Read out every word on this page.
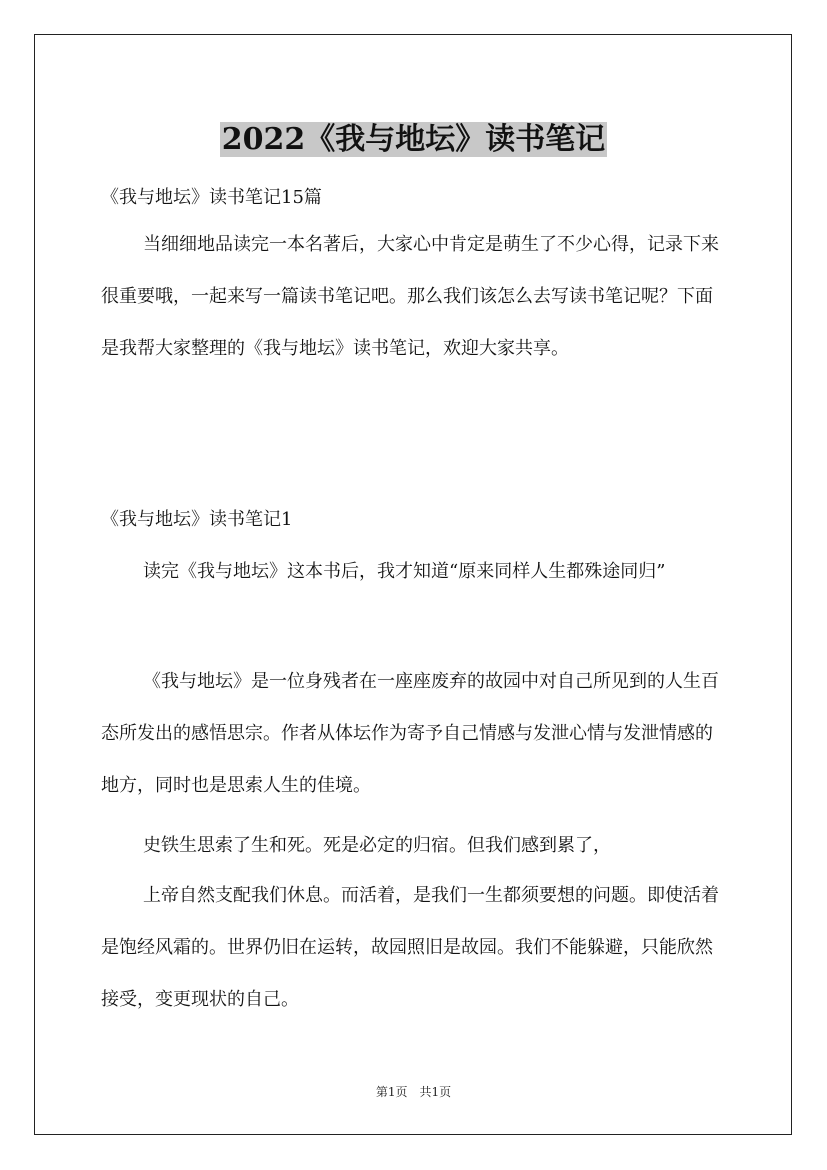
2022《我与地坛》读书笔记

《我与地坛》读书笔记15篇

当细细地品读完一本名著后，大家心中肯定是萌生了不少心得，记录下来很重要哦，一起来写一篇读书笔记吧。那么我们该怎么去写读书笔记呢？下面是我帮大家整理的《我与地坛》读书笔记，欢迎大家共享。

《我与地坛》读书笔记1

读完《我与地坛》这本书后，我才知道“原来同样人生都殊途同归”

《我与地坛》是一位身残者在一座座废弃的故园中对自己所见到的人生百态所发出的感悟思宗。作者从体坛作为寄予自己情感与发泄心情与发泄情感的地方，同时也是思索人生的佳境。

史铁生思索了生和死。死是必定的归宿。但我们感到累了，

上帝自然支配我们休息。而活着，是我们一生都须要想的问题。即使活着是饱经风霜的。世界仍旧在运转，故园照旧是故园。我们不能躲避，只能欣然接受，变更现状的自己。

第1页　共1页
